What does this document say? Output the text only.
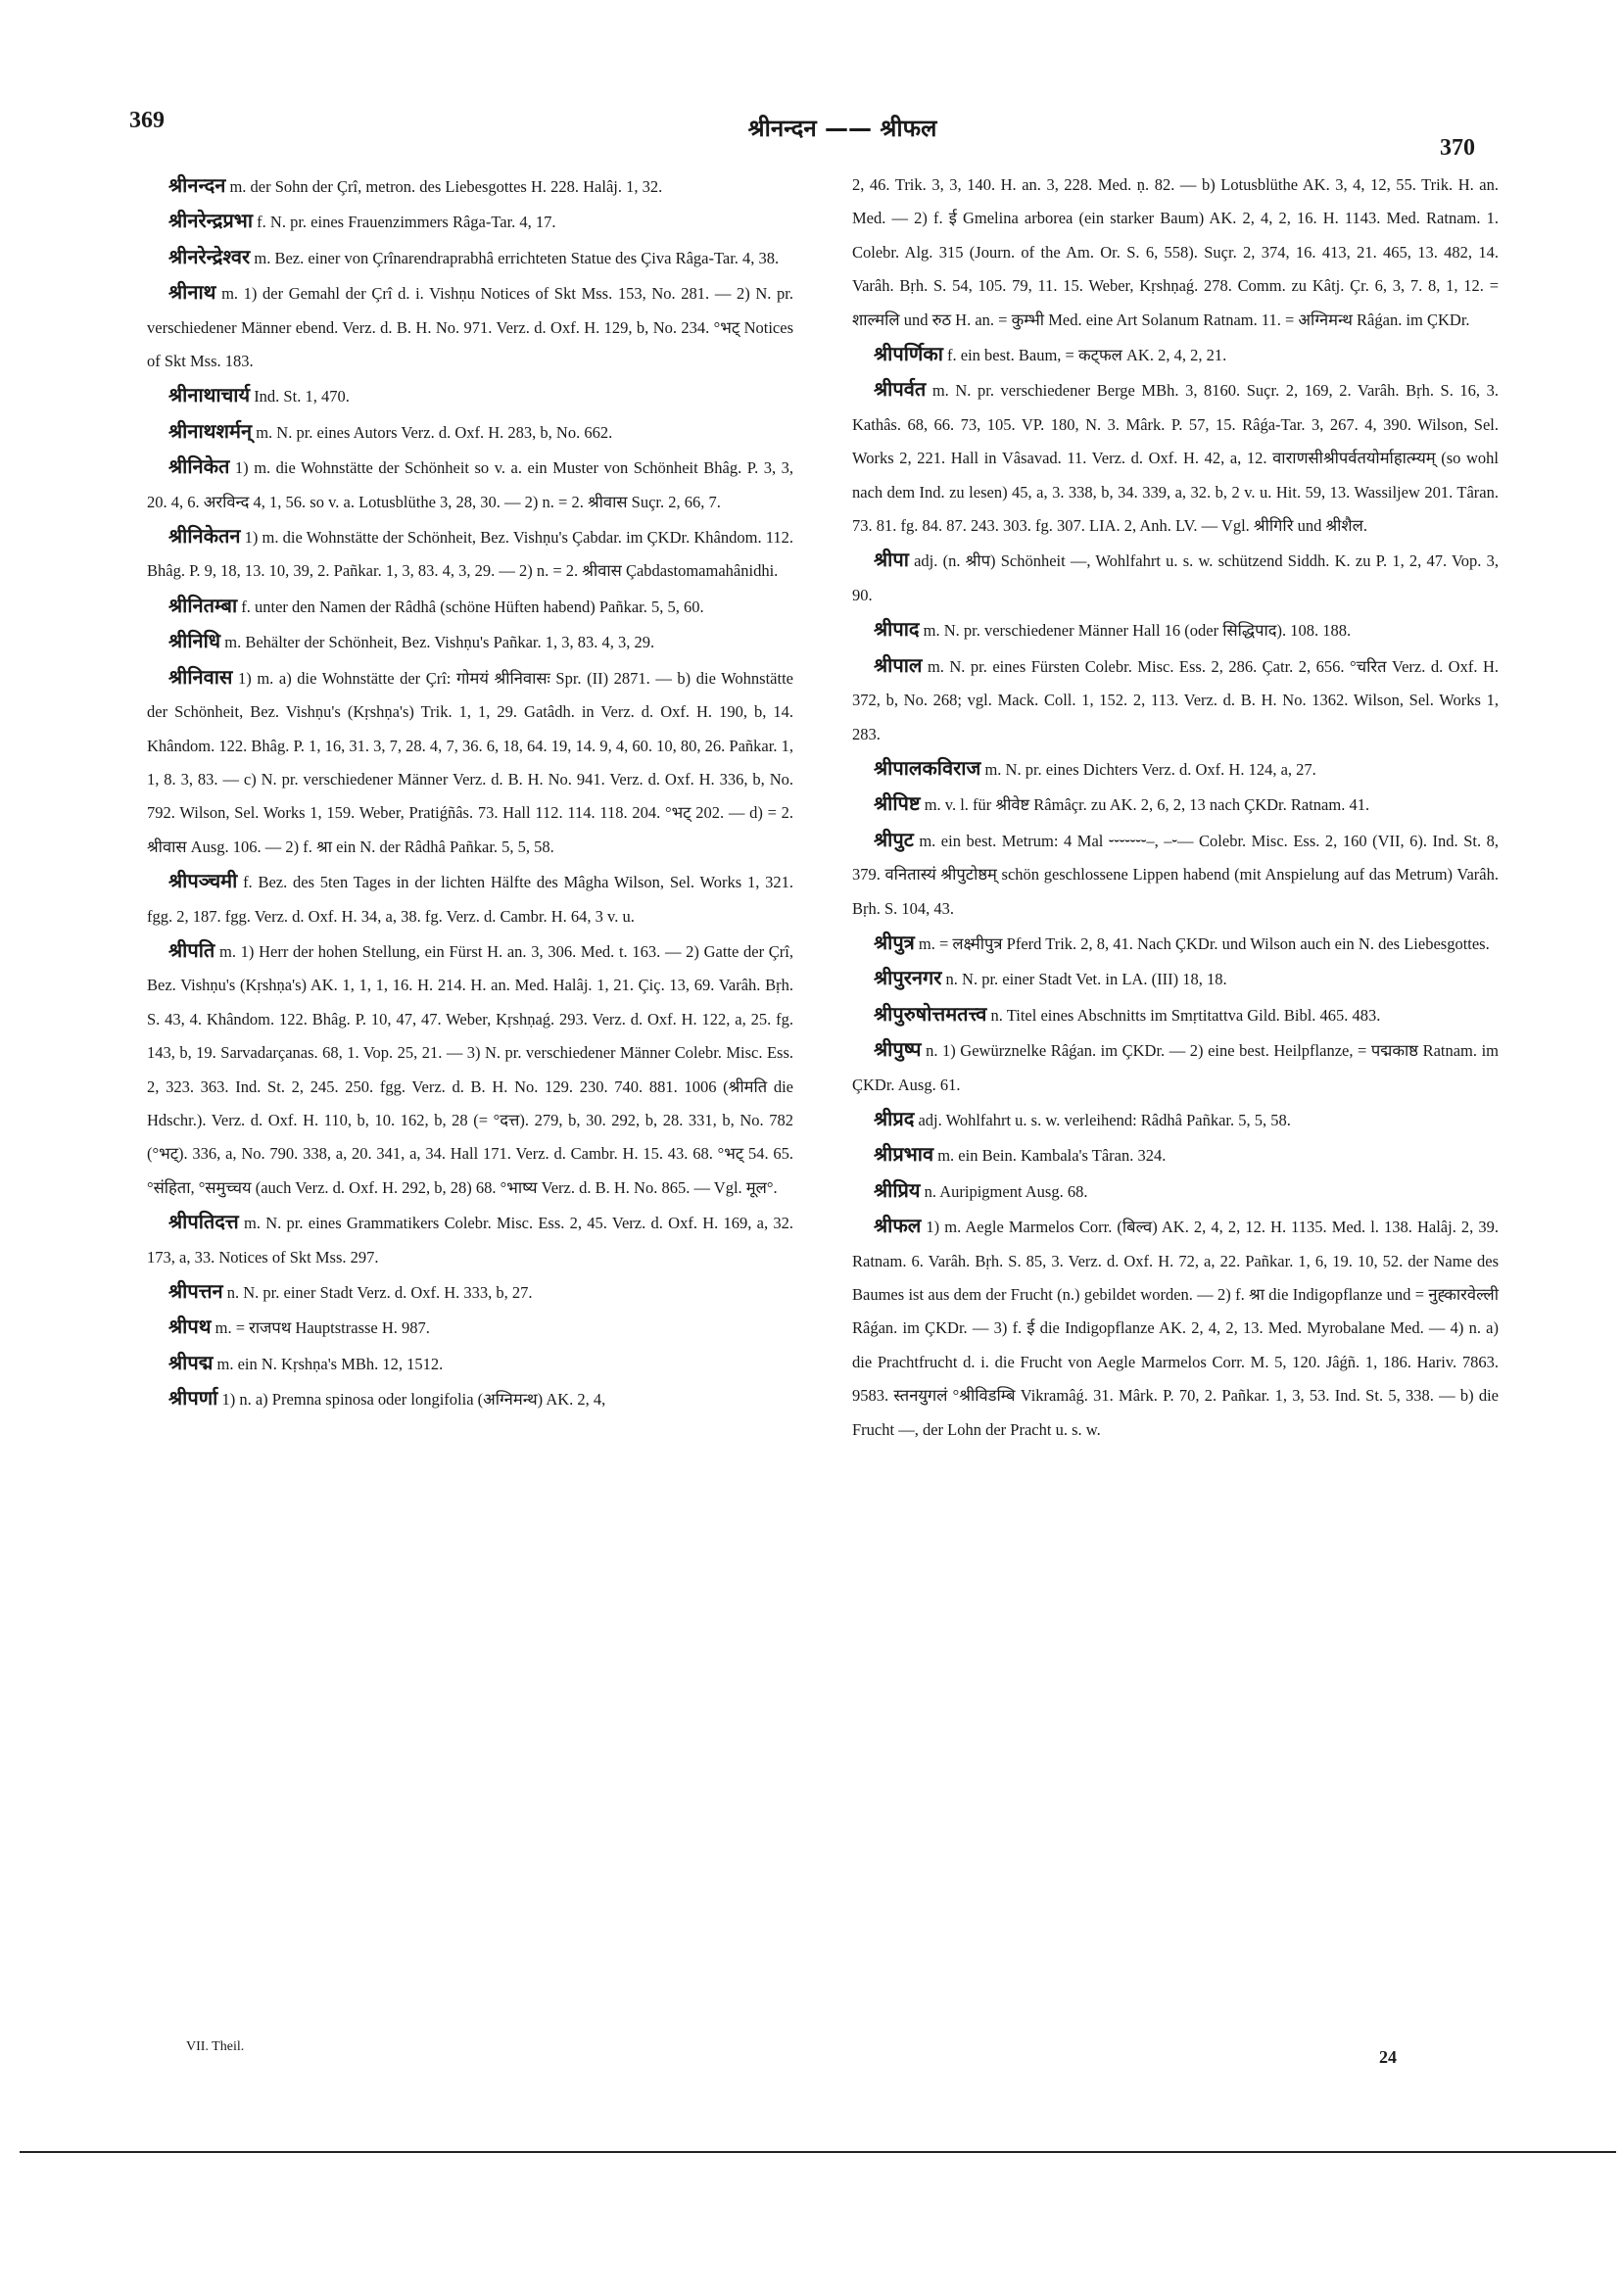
369	श्रीनन्दन —— श्रीफल
370

श्रीनन्दन m. der Sohn der Çrî, metron. des Liebesgottes H. 228. Halâj. 1, 32.

श्रीनरेन्द्रप्रभा f. N. pr. eines Frauenzimmers Râga-Tar. 4, 17.

श्रीनरेन्द्रेश्वर m. Bez. einer von Çrînarendraprabhâ errichteten Statue des Çiva Râga-Tar. 4, 38.

श्रीनाथ m. 1) der Gemahl der Çrî d. i. Vishṇu Notices of Skt Mss. 153, No. 281. — 2) N. pr. verschiedener Männer ebend. Verz. d. B. H. No. 971. Verz. d. Oxf. H. 129, b, No. 234. °भट् Notices of Skt Mss. 183.

श्रीनाथाचार्य Ind. St. 1, 470.

श्रीनाथशर्मन् m. N. pr. eines Autors Verz. d. Oxf. H. 283, b, No. 662.

श्रीनिकेत 1) m. die Wohnstätte der Schönheit so v. a. ein Muster von Schönheit Bhâg. P. 3, 3, 20. 4, 6. अरविन्द 4, 1, 56. so v. a. Lotusblüthe 3, 28, 30. — 2) n. = 2. श्रीवास Suçr. 2, 66, 7.

श्रीनिकेतन 1) m. die Wohnstätte der Schönheit, Bez. Vishṇu's Çabdar. im ÇKDr. Khândom. 112. Bhâg. P. 9, 18, 13. 10, 39, 2. Pañkar. 1, 3, 83. 4, 3, 29. — 2) n. = 2. श्रीवास Çabdastomamahânidhi.

श्रीनितम्बा f. unter den Namen der Râdhâ (schöne Hüften habend) Pañkar. 5, 5, 60.

श्रीनिधि m. Behälter der Schönheit, Bez. Vishṇu's Pañkar. 1, 3, 83. 4, 3, 29.

श्रीनिवास 1) m. a) die Wohnstätte der Çrî: गोमयं श्रीनिवासः Spr. (II) 2871. — b) die Wohnstätte der Schönheit, Bez. Vishṇu's (Kṛshṇa's) Trik. 1, 1, 29. Gatâdh. in Verz. d. Oxf. H. 190, b, 14. Khândom. 122. Bhâg. P. 1, 16, 31. 3, 7, 28. 4, 7, 36. 6, 18, 64. 19, 14. 9, 4, 60. 10, 80, 26. Pañkar. 1, 1, 8. 3, 83. — c) N. pr. verschiedener Männer Verz. d. B. H. No. 941. Verz. d. Oxf. H. 336, b, No. 792. Wilson, Sel. Works 1, 159. Weber, Pratiǵñâs. 73. Hall 112. 114. 118. 204. °भट् 202. — d) = 2. श्रीवास Ausg. 106. — 2) f. श्रा ein N. der Râdhâ Pañkar. 5, 5, 58.

श्रीपञ्चमी f. Bez. des 5ten Tages in der lichten Hälfte des Mâgha Wilson, Sel. Works 1, 321. fgg. 2, 187. fgg. Verz. d. Oxf. H. 34, a, 38. fg. Verz. d. Cambr. H. 64, 3 v. u.

श्रीपति m. 1) Herr der hohen Stellung, ein Fürst H. an. 3, 306. Med. t. 163. — 2) Gatte der Çrî, Bez. Vishṇu's (Kṛshṇa's) AK. 1, 1, 1, 16. H. 214. H. an. Med. Halâj. 1, 21. Çiç. 13, 69. Varâh. Bṛh. S. 43, 4. Khândom. 122. Bhâg. P. 10, 47, 47. Weber, Kṛshṇaǵ. 293. Verz. d. Oxf. H. 122, a, 25. fg. 143, b, 19. Sarvadarçanas. 68, 1. Vop. 25, 21. — 3) N. pr. verschiedener Männer Colebr. Misc. Ess. 2, 323. 363. Ind. St. 2, 245. 250. fgg. Verz. d. B. H. No. 129. 230. 740. 881. 1006 (श्रीमति die Hdschr.). Verz. d. Oxf. H. 110, b, 10. 162, b, 28 (= °दत्त). 279, b, 30. 292, b, 28. 331, b, No. 782 (°भट्). 336, a, No. 790. 338, a, 20. 341, a, 34. Hall 171. Verz. d. Cambr. H. 15. 43. 68. °भट् 54. 65. °संहिता, °समुच्चय (auch Verz. d. Oxf. H. 292, b, 28) 68. °भाष्य Verz. d. B. H. No. 865. — Vgl. मूल°.

श्रीपतिदत्त m. N. pr. eines Grammatikers Colebr. Misc. Ess. 2, 45. Verz. d. Oxf. H. 169, a, 32. 173, a, 33. Notices of Skt Mss. 297.

श्रीपत्तन n. N. pr. einer Stadt Verz. d. Oxf. H. 333, b, 27.

श्रीपथ m. = राजपथ Hauptstrasse H. 987.

श्रीपद्म m. ein N. Kṛshṇa's MBh. 12, 1512.

श्रीपर्णा 1) n. a) Premna spinosa oder longifolia (अग्निमन्थ) AK. 2, 4,

2, 46. Trik. 3, 3, 140. H. an. 3, 228. Med. ṇ. 82. — b) Lotusblüthe AK. 3, 4, 12, 55. Trik. H. an. Med. — 2) f. ई Gmelina arborea (ein starker Baum) AK. 2, 4, 2, 16. H. 1143. Med. Ratnam. 1. Colebr. Alg. 315 (Journ. of the Am. Or. S. 6, 558). Suçr. 2, 374, 16. 413, 21. 465, 13. 482, 14. Varâh. Bṛh. S. 54, 105. 79, 11. 15. Weber, Kṛshṇaǵ. 278. Comm. zu Kâtj. Çr. 6, 3, 7. 8, 1, 12. = शाल्मलि und रुठ H. an. = कुम्भी Med. eine Art Solanum Ratnam. 11. = अग्निमन्थ Râǵan. im ÇKDr.

श्रीपर्णिका f. ein best. Baum, = कट्फल AK. 2, 4, 2, 21.

श्रीपर्वत m. N. pr. verschiedener Berge MBh. 3, 8160. Suçr. 2, 169, 2. Varâh. Bṛh. S. 16, 3. Kathâs. 68, 66. 73, 105. VP. 180, N. 3. Mârk. P. 57, 15. Râǵa-Tar. 3, 267. 4, 390. Wilson, Sel. Works 2, 221. Hall in Vâsavad. 11. Verz. d. Oxf. H. 42, a, 12. वाराणसीश्रीपर्वतयोर्माहात्म्यम् (so wohl nach dem Ind. zu lesen) 45, a, 3. 338, b, 34. 339, a, 32. b, 2 v. u. Hit. 59, 13. Wassiljew 201. Târan. 73. 81. fg. 84. 87. 243. 303. fg. 307. LIA. 2, Anh. LV. — Vgl. श्रीगिरि und श्रीशैल.

श्रीपा adj. (n. श्रीप) Schönheit —, Wohlfahrt u. s. w. schützend Siddh. K. zu P. 1, 2, 47. Vop. 3, 90.

श्रीपाद m. N. pr. verschiedener Männer Hall 16 (oder सिद्धिपाद). 108. 188.

श्रीपाल m. N. pr. eines Fürsten Colebr. Misc. Ess. 2, 286. Çatr. 2, 656. °चरित Verz. d. Oxf. H. 372, b, No. 268; vgl. Mack. Coll. 1, 152. 2, 113. Verz. d. B. H. No. 1362. Wilson, Sel. Works 1, 283.

श्रीपालकविराज m. N. pr. eines Dichters Verz. d. Oxf. H. 124, a, 27.

श्रीपिष्ट m. v. l. für श्रीवेष्ट Râmâçr. zu AK. 2, 6, 2, 13 nach ÇKDr. Ratnam. 41.

श्रीपुट m. ein best. Metrum: 4 Mal ⏑⏑⏑⏑⏑⏑⏑–, –⏑–– Colebr. Misc. Ess. 2, 160 (VII, 6). Ind. St. 8, 379. वनितास्यं श्रीपुटोष्ठम् schön geschlossene Lippen habend (mit Anspielung auf das Metrum) Varâh. Bṛh. S. 104, 43.

श्रीपुत्र m. = लक्ष्मीपुत्र Pferd Trik. 2, 8, 41. Nach ÇKDr. und Wilson auch ein N. des Liebesgottes.

श्रीपुरनगर n. N. pr. einer Stadt Vet. in LA. (III) 18, 18.

श्रीपुरुषोत्तमतत्त्व n. Titel eines Abschnitts im Smṛtitattva Gild. Bibl. 465. 483.

श्रीपुष्प n. 1) Gewürznelke Râǵan. im ÇKDr. — 2) eine best. Heilpflanze, = पद्मकाष्ठ Ratnam. im ÇKDr. Ausg. 61.

श्रीप्रद adj. Wohlfahrt u. s. w. verleihend: Râdhâ Pañkar. 5, 5, 58.

श्रीप्रभाव m. ein Bein. Kambala's Târan. 324.

श्रीप्रिय n. Auripigment Ausg. 68.

श्रीफल 1) m. Aegle Marmelos Corr. (बिल्व) AK. 2, 4, 2, 12. H. 1135. Med. l. 138. Halâj. 2, 39. Ratnam. 6. Varâh. Bṛh. S. 85, 3. Verz. d. Oxf. H. 72, a, 22. Pañkar. 1, 6, 19. 10, 52. der Name des Baumes ist aus dem der Frucht (n.) gebildet worden. — 2) f. श्रा die Indigopflanze und = नुह्कारवेल्ली Râǵan. im ÇKDr. — 3) f. ई die Indigopflanze AK. 2, 4, 2, 13. Med. Myrobalane Med. — 4) n. a) die Prachtfrucht d. i. die Frucht von Aegle Marmelos Corr. M. 5, 120. Jâǵñ. 1, 186. Hariv. 7863. 9583. स्तनयुगलं °श्रीविडम्बि Vikramâǵ. 31. Mârk. P. 70, 2. Pañkar. 1, 3, 53. Ind. St. 5, 338. — b) die Frucht —, der Lohn der Pracht u. s. w.

VII. Theil.
24
